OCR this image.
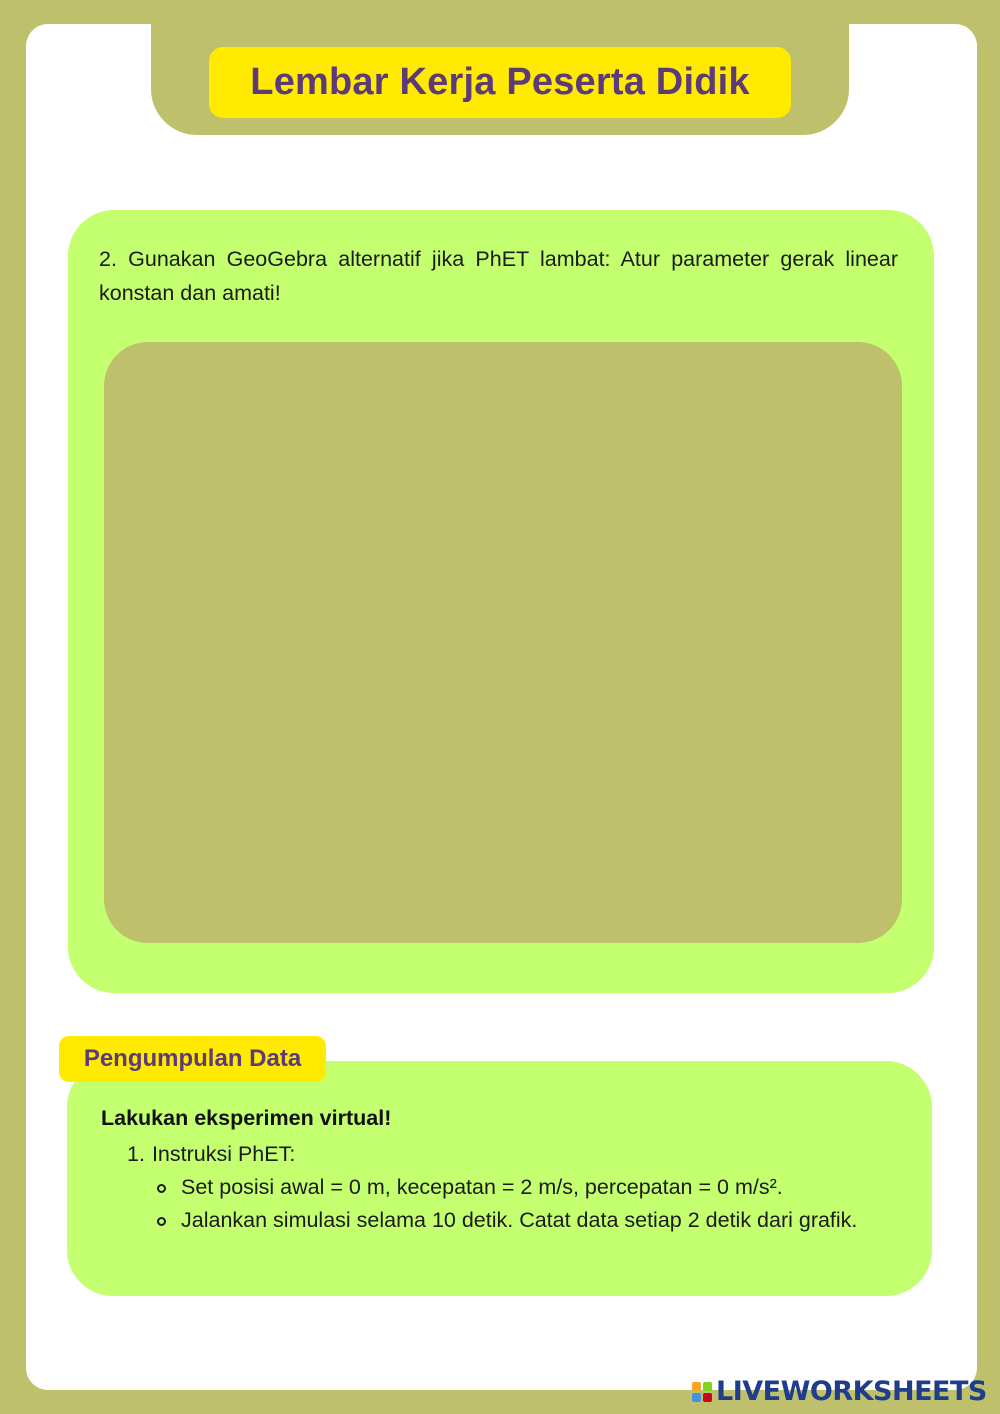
Lembar Kerja Peserta Didik

2. Gunakan GeoGebra alternatif jika PhET lambat: Atur parameter gerak linear konstan dan amati!

Pengumpulan Data
Lakukan eksperimen virtual!
1. Instruksi PhET:
Set posisi awal = 0 m, kecepatan = 2 m/s, percepatan = 0 m/s².
Jalankan simulasi selama 10 detik. Catat data setiap 2 detik dari grafik.
LIVEWORKSHEETS
